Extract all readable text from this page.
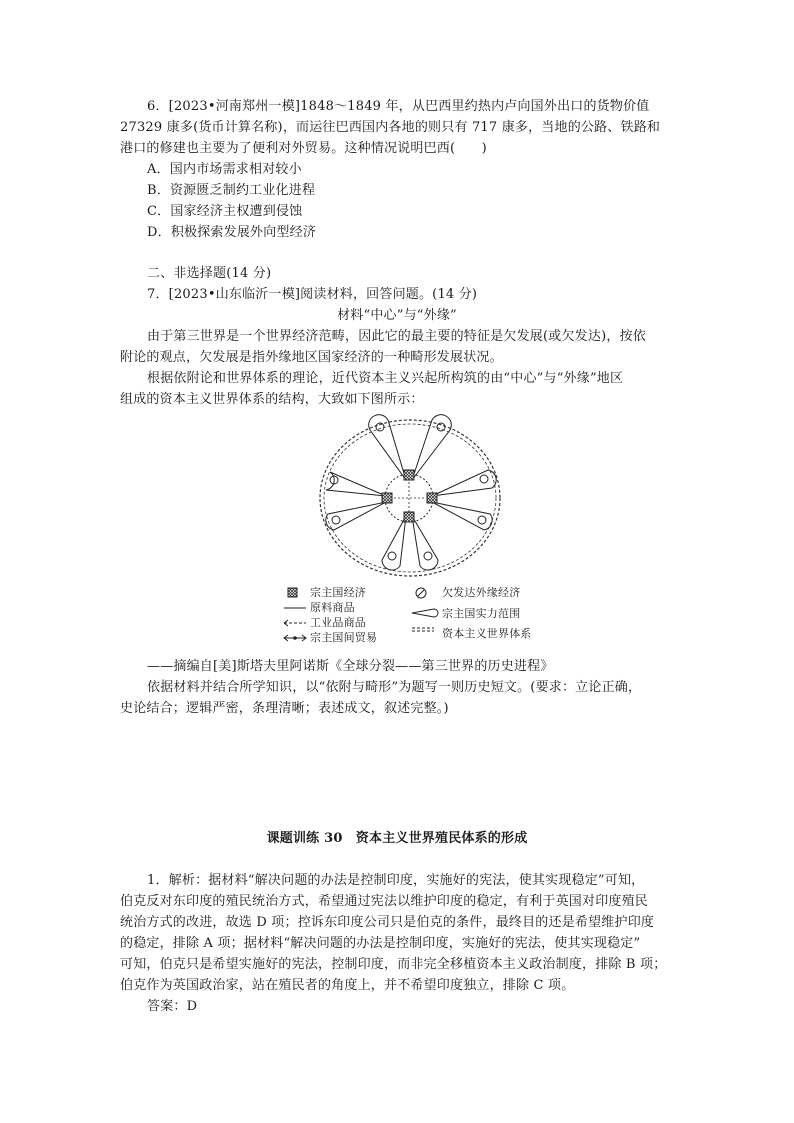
6．[2023•河南郑州一模]1848～1849 年，从巴西里约热内卢向国外出口的货物价值
27329 康多(货币计算名称)，而运往巴西国内各地的则只有 717 康多，当地的公路、铁路和
港口的修建也主要为了便利对外贸易。这种情况说明巴西(　　)
A．国内市场需求相对较小
B．资源匮乏制约工业化进程
C．国家经济主权遭到侵蚀
D．积极探索发展外向型经济
二、非选择题(14 分)
7．[2023•山东临沂一模]阅读材料，回答问题。(14 分)
材料“中心”与“外缘”
由于第三世界是一个世界经济范畴，因此它的最主要的特征是欠发展(或欠发达)，按依
附论的观点，欠发展是指外缘地区国家经济的一种畸形发展状况。
根据依附论和世界体系的理论，近代资本主义兴起所构筑的由“中心”与“外缘”地区
组成的资本主义世界体系的结构，大致如下图所示：
宗主国经济
原料商品
工业品商品
宗主国间贸易
欠发达外缘经济
宗主国实力范围
资本主义世界体系
——摘编自[美]斯塔夫里阿诺斯《全球分裂——第三世界的历史进程》
依据材料并结合所学知识，以“依附与畸形”为题写一则历史短文。(要求：立论正确，
史论结合；逻辑严密，条理清晰；表述成文，叙述完整。)
课题训练 30　资本主义世界殖民体系的形成
1．解析：据材料“解决问题的办法是控制印度，实施好的宪法，使其实现稳定”可知，
伯克反对东印度的殖民统治方式，希望通过宪法以维护印度的稳定，有利于英国对印度殖民
统治方式的改进，故选 D 项；控诉东印度公司只是伯克的条件，最终目的还是希望维护印度
的稳定，排除 A 项；据材料“解决问题的办法是控制印度，实施好的宪法，使其实现稳定”
可知，伯克只是希望实施好的宪法，控制印度，而非完全移植资本主义政治制度，排除 B 项；
伯克作为英国政治家，站在殖民者的角度上，并不希望印度独立，排除 C 项。
答案：D
